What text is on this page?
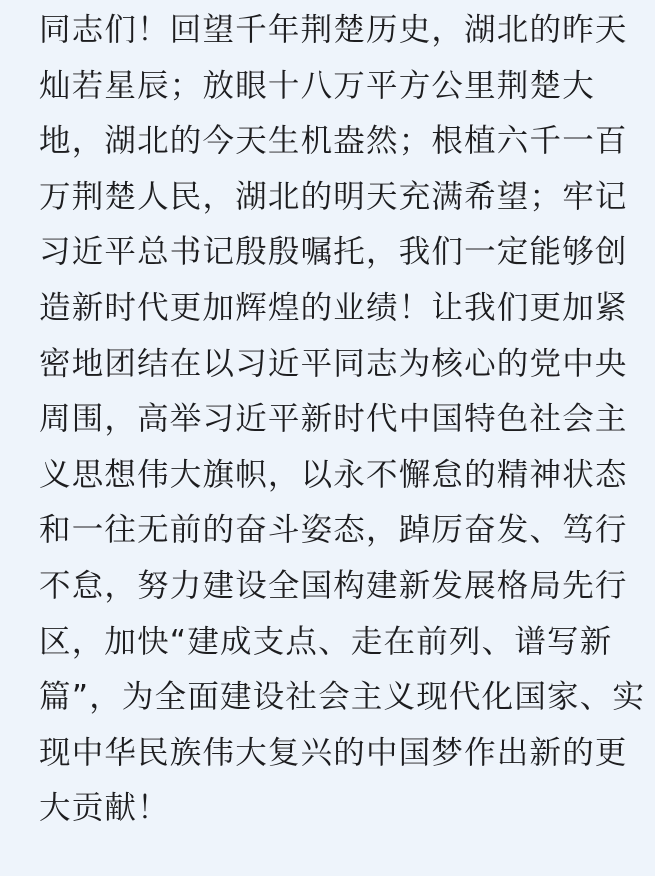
同志们！回望千年荆楚历史，湖北的昨天
灿若星辰；放眼十八万平方公里荆楚大
地，湖北的今天生机盎然；根植六千一百
万荆楚人民，湖北的明天充满希望；牢记
习近平总书记殷殷嘱托，我们一定能够创
造新时代更加辉煌的业绩！让我们更加紧
密地团结在以习近平同志为核心的党中央
周围，高举习近平新时代中国特色社会主
义思想伟大旗帜，以永不懈怠的精神状态
和一往无前的奋斗姿态，踔厉奋发、笃行
不怠，努力建设全国构建新发展格局先行
区，加快“建成支点、走在前列、谱写新
篇”，为全面建设社会主义现代化国家、实
现中华民族伟大复兴的中国梦作出新的更
大贡献！
